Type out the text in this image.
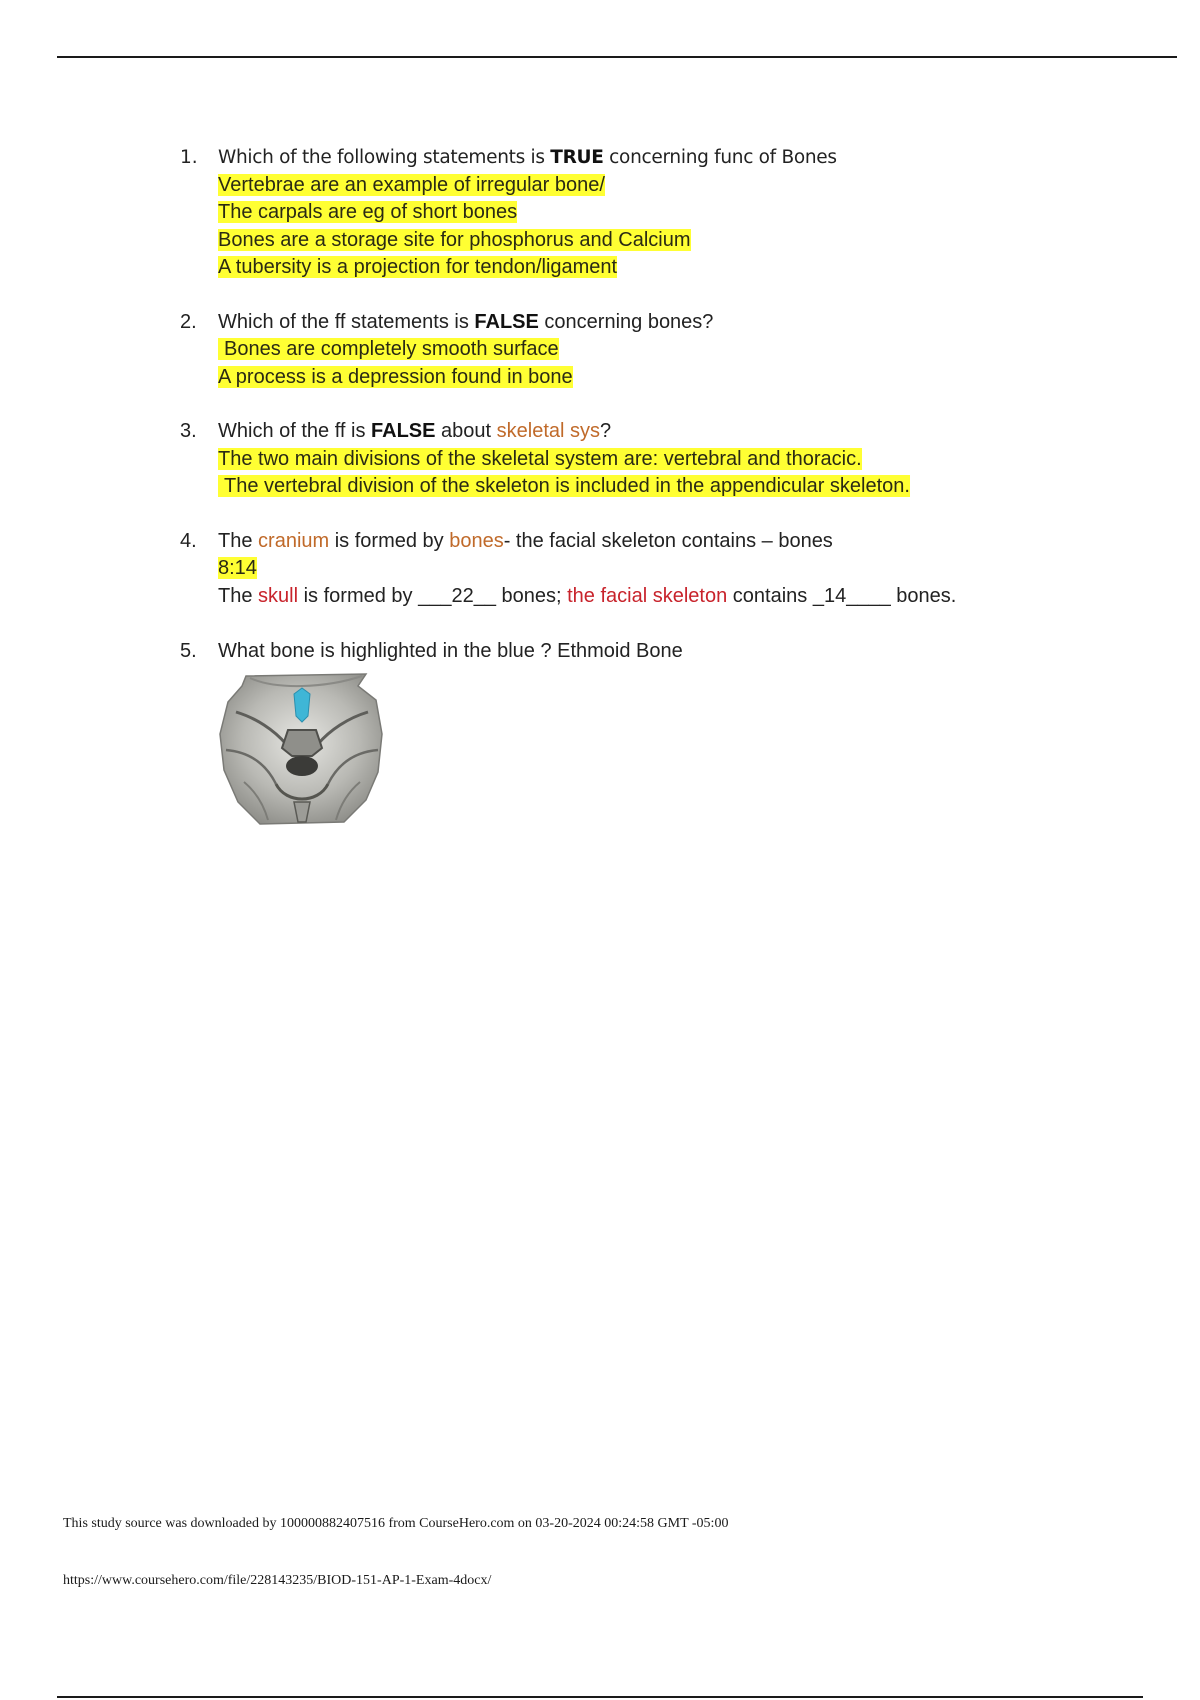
1. Which of the following statements is TRUE concerning func of Bones
Vertebrae are an example of irregular bone/
The carpals are eg of short bones
Bones are a storage site for phosphorus and Calcium
A tubersity is a projection for tendon/ligament
2. Which of the ff statements is FALSE concerning bones?
Bones are completely smooth surface
A process is a depression found in bone
3. Which of the ff is FALSE about skeletal sys?
The two main divisions of the skeletal system are: vertebral and thoracic.
The vertebral division of the skeleton is included in the appendicular skeleton.
4. The cranium is formed by bones- the facial skeleton contains – bones
8:14
The skull is formed by ___22__ bones; the facial skeleton contains _14____ bones.
5. What bone is highlighted in the blue ? Ethmoid Bone
This study source was downloaded by 100000882407516 from CourseHero.com on 03-20-2024 00:24:58 GMT -05:00
https://www.coursehero.com/file/228143235/BIOD-151-AP-1-Exam-4docx/
